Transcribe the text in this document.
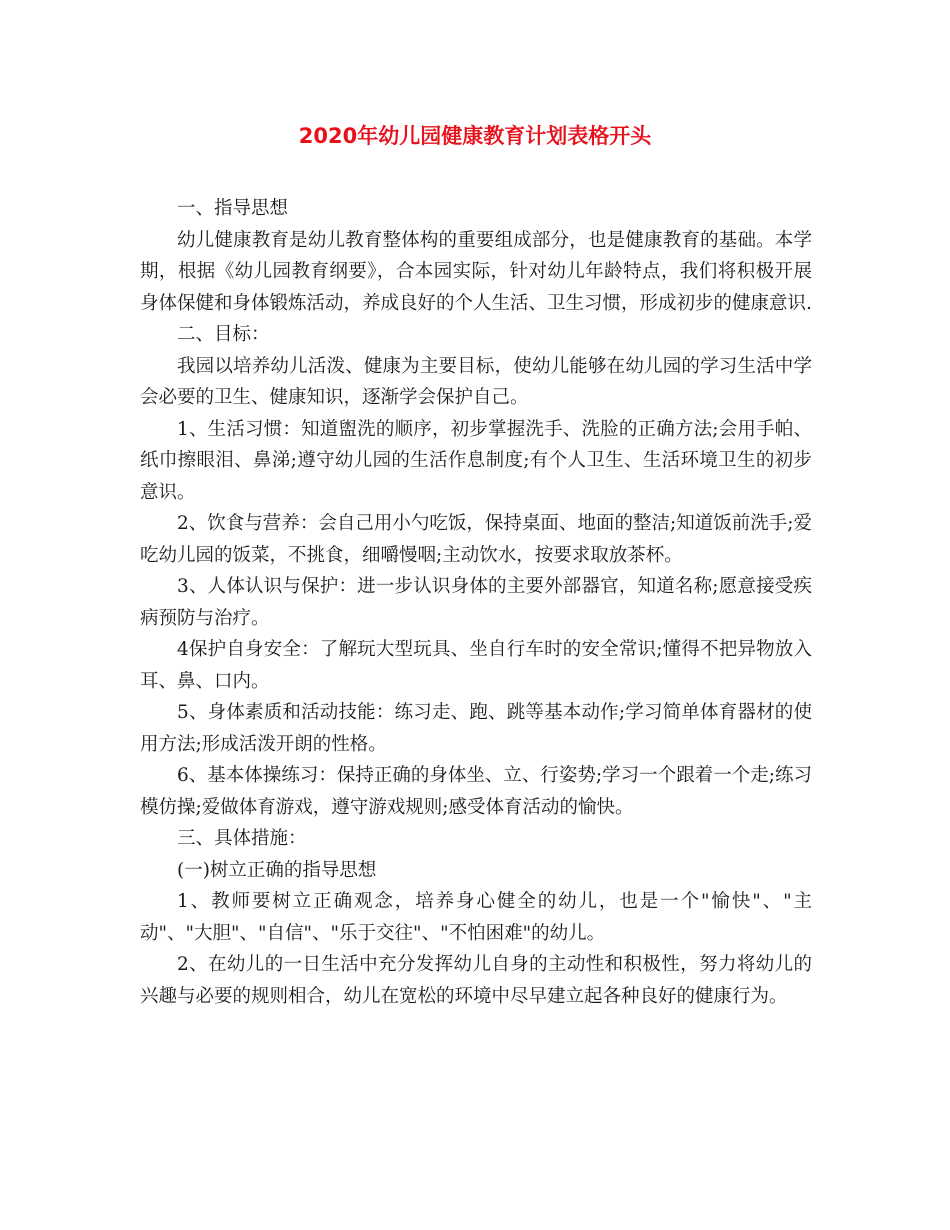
2020年幼儿园健康教育计划表格开头

一、指导思想

幼儿健康教育是幼儿教育整体构的重要组成部分，也是健康教育的基础。本学期，根据《幼儿园教育纲要》，合本园实际，针对幼儿年龄特点，我们将积极开展身体保健和身体锻炼活动，养成良好的个人生活、卫生习惯，形成初步的健康意识.

二、目标：

我园以培养幼儿活泼、健康为主要目标，使幼儿能够在幼儿园的学习生活中学会必要的卫生、健康知识，逐渐学会保护自己。

1、生活习惯：知道盥洗的顺序，初步掌握洗手、洗脸的正确方法;会用手帕、纸巾擦眼泪、鼻涕;遵守幼儿园的生活作息制度;有个人卫生、生活环境卫生的初步意识。

2、饮食与营养：会自己用小勺吃饭，保持桌面、地面的整洁;知道饭前洗手;爱吃幼儿园的饭菜，不挑食，细嚼慢咽;主动饮水，按要求取放茶杯。

3、人体认识与保护：进一步认识身体的主要外部器官，知道名称;愿意接受疾病预防与治疗。

4保护自身安全：了解玩大型玩具、坐自行车时的安全常识;懂得不把异物放入耳、鼻、口内。

5、身体素质和活动技能：练习走、跑、跳等基本动作;学习简单体育器材的使用方法;形成活泼开朗的性格。

6、基本体操练习：保持正确的身体坐、立、行姿势;学习一个跟着一个走;练习模仿操;爱做体育游戏，遵守游戏规则;感受体育活动的愉快。

三、具体措施：

(一)树立正确的指导思想

1、教师要树立正确观念，培养身心健全的幼儿，也是一个"愉快"、"主动"、"大胆"、"自信"、"乐于交往"、"不怕困难"的幼儿。

2、在幼儿的一日生活中充分发挥幼儿自身的主动性和积极性，努力将幼儿的兴趣与必要的规则相合，幼儿在宽松的环境中尽早建立起各种良好的健康行为。
